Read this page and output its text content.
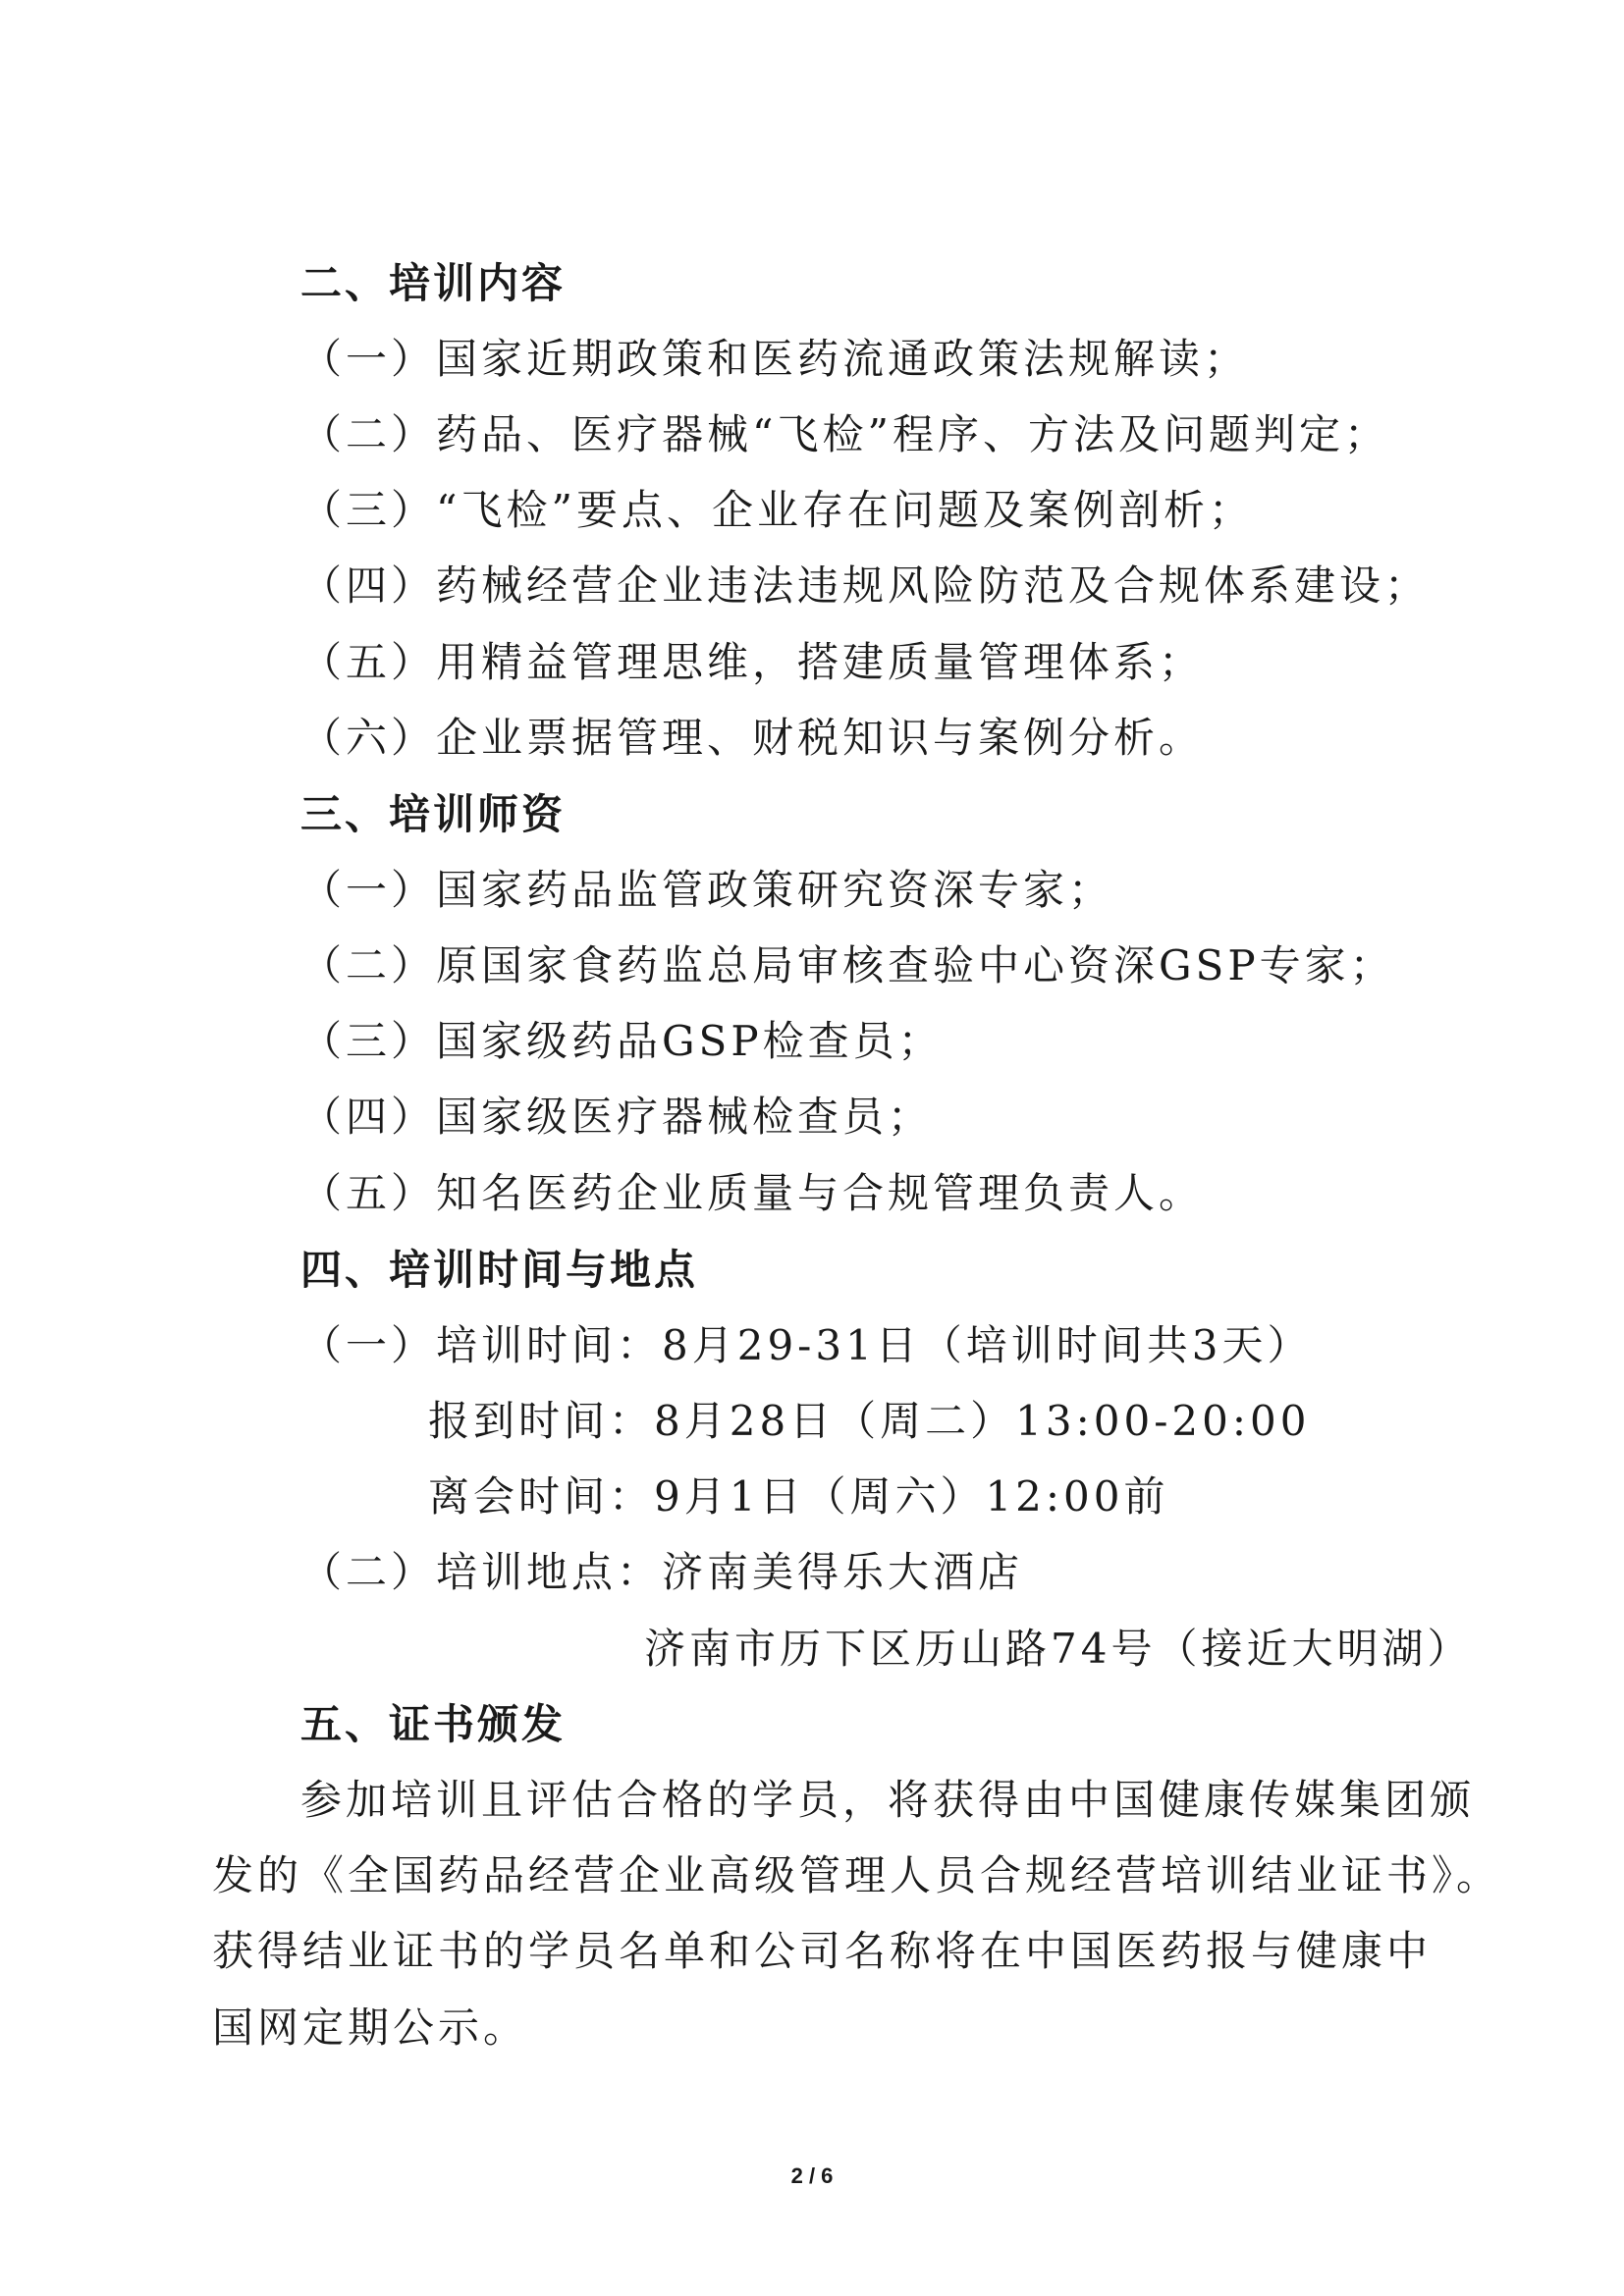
二、培训内容
（一）国家近期政策和医药流通政策法规解读；
（二）药品、医疗器械“飞检”程序、方法及问题判定；
（三）“飞检”要点、企业存在问题及案例剖析；
（四）药械经营企业违法违规风险防范及合规体系建设；
（五）用精益管理思维，搭建质量管理体系；
（六）企业票据管理、财税知识与案例分析。
三、培训师资
（一）国家药品监管政策研究资深专家；
（二）原国家食药监总局审核查验中心资深GSP专家；
（三）国家级药品GSP检查员；
（四）国家级医疗器械检查员；
（五）知名医药企业质量与合规管理负责人。
四、培训时间与地点
（一）培训时间：8月29-31日（培训时间共3天）
报到时间：8月28日（周二）13:00-20:00
离会时间：9月1日（周六）12:00前
（二）培训地点：济南美得乐大酒店
济南市历下区历山路74号（接近大明湖）
五、证书颁发
参加培训且评估合格的学员，将获得由中国健康传媒集团颁
发的《全国药品经营企业高级管理人员合规经营培训结业证书》。
获得结业证书的学员名单和公司名称将在中国医药报与健康中
国网定期公示。
2 / 6
